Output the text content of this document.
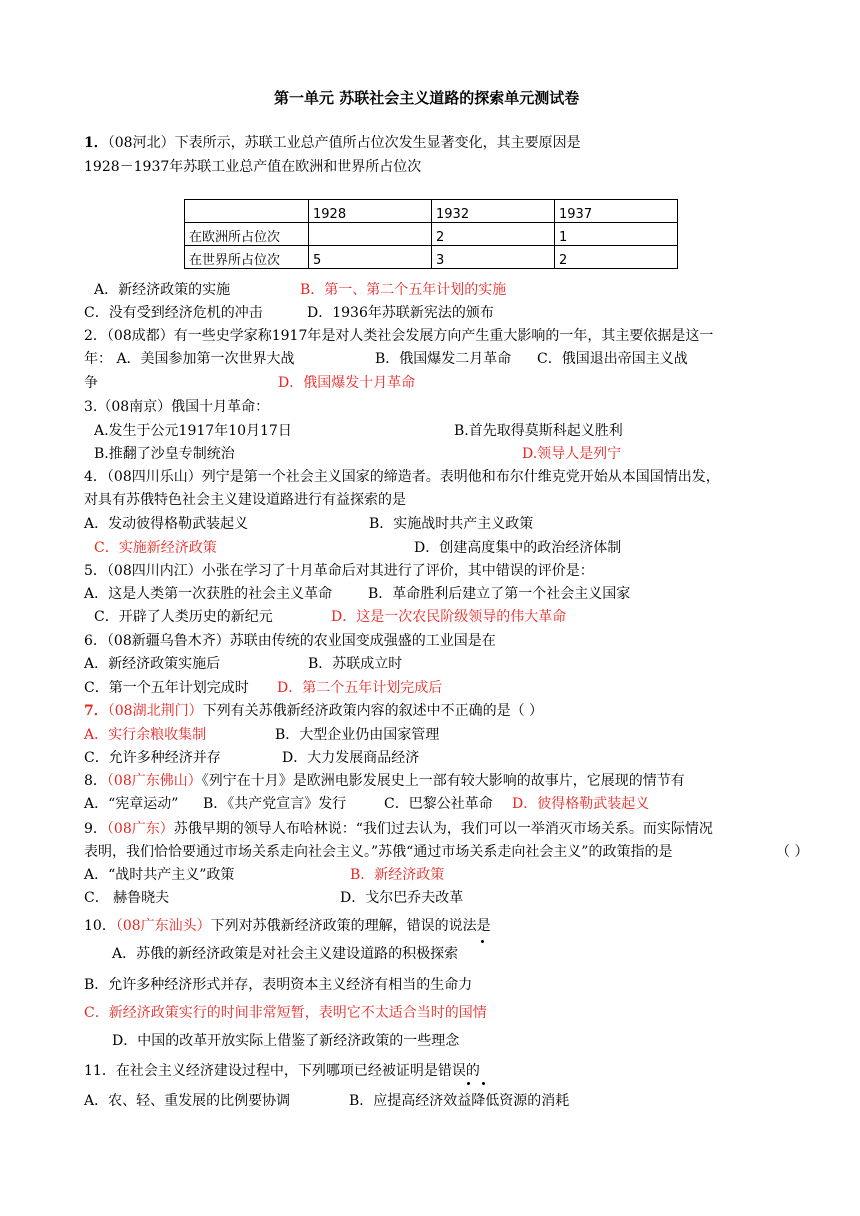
第一单元 苏联社会主义道路的探索单元测试卷
1．（08河北）下表所示，苏联工业总产值所占位次发生显著变化，其主要原因是
1928－1937年苏联工业总产值在欧洲和世界所占位次
	1928	1932	1937
在欧洲所占位次		2	1
在世界所占位次	5	3	2
A．新经济政策的实施	B．第一、第二个五年计划的实施
C．没有受到经济危机的冲击	D．1936年苏联新宪法的颁布
2．（08成都）有一些史学家称1917年是对人类社会发展方向产生重大影响的一年，其主要依据是这一
年： A．美国参加第一次世界大战	B．俄国爆发二月革命 C．俄国退出帝国主义战
争	D．俄国爆发十月革命
3.（08南京）俄国十月革命：
A.发生于公元1917年10月17日	B.首先取得莫斯科起义胜利
B.推翻了沙皇专制统治	D.领导人是列宁
4．（08四川乐山）列宁是第一个社会主义国家的缔造者。表明他和布尔什维克党开始从本国国情出发，
对具有苏俄特色社会主义建设道路进行有益探索的是
A．发动彼得格勒武装起义	B．实施战时共产主义政策
C．实施新经济政策	D．创建高度集中的政治经济体制
5．（08四川内江）小张在学习了十月革命后对其进行了评价，其中错误的评价是：
A．这是人类第一次获胜的社会主义革命	B．革命胜利后建立了第一个社会主义国家
C．开辟了人类历史的新纪元	D．这是一次农民阶级领导的伟大革命
6．（08新疆乌鲁木齐）苏联由传统的农业国变成强盛的工业国是在
A．新经济政策实施后	B．苏联成立时
C．第一个五年计划完成时 D．第二个五年计划完成后
7．（08湖北荆门）下列有关苏俄新经济政策内容的叙述中不正确的是（ ）
A．实行余粮收集制	B．大型企业仍由国家管理
C．允许多种经济并存	D．大力发展商品经济
8．（08广东佛山）《列宁在十月》是欧洲电影发展史上一部有较大影响的故事片，它展现的情节有
A．“宪章运动” B．《共产党宣言》发行	C．巴黎公社革命 D．彼得格勒武装起义
9．（08广东）苏俄早期的领导人布哈林说：“我们过去认为，我们可以一举消灭市场关系。而实际情况
表明，我们恰恰要通过市场关系走向社会主义。”苏俄“通过市场关系走向社会主义”的政策指的是	（ ）
A．“战时共产主义”政策	B．新经济政策
C． 赫鲁晓夫	D．戈尔巴乔夫改革
10．（08广东汕头）下列对苏俄新经济政策的理解，错误的说法是
A．苏俄的新经济政策是对社会主义建设道路的积极探索
B．允许多种经济形式并存，表明资本主义经济有相当的生命力
C．新经济政策实行的时间非常短暂，表明它不太适合当时的国情
D．中国的改革开放实际上借鉴了新经济政策的一些理念
11．在社会主义经济建设过程中，下列哪项已经被证明是错误的
A．农、轻、重发展的比例要协调	B．应提高经济效益降低资源的消耗
